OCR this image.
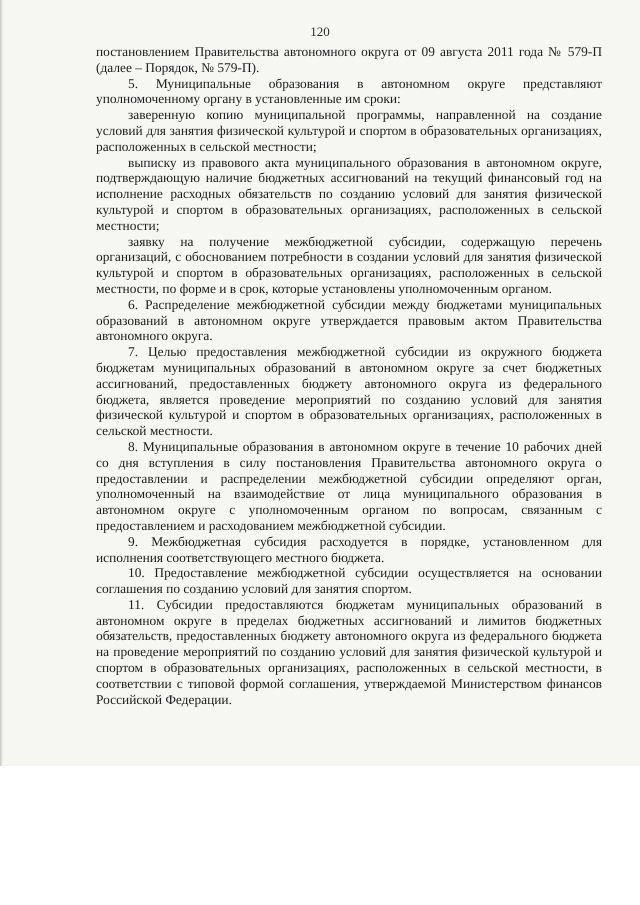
120

постановлением Правительства автономного округа от 09 августа 2011 года № 579-П (далее – Порядок, № 579-П).

5. Муниципальные образования в автономном округе представляют уполномоченному органу в установленные им сроки:

заверенную копию муниципальной программы, направленной на создание условий для занятия физической культурой и спортом в образовательных организациях, расположенных в сельской местности;

выписку из правового акта муниципального образования в автономном округе, подтверждающую наличие бюджетных ассигнований на текущий финансовый год на исполнение расходных обязательств по созданию условий для занятия физической культурой и спортом в образовательных организациях, расположенных в сельской местности;

заявку на получение межбюджетной субсидии, содержащую перечень организаций, с обоснованием потребности в создании условий для занятия физической культурой и спортом в образовательных организациях, расположенных в сельской местности, по форме и в срок, которые установлены уполномоченным органом.

6. Распределение межбюджетной субсидии между бюджетами муниципальных образований в автономном округе утверждается правовым актом Правительства автономного округа.

7. Целью предоставления межбюджетной субсидии из окружного бюджета бюджетам муниципальных образований в автономном округе за счет бюджетных ассигнований, предоставленных бюджету автономного округа из федерального бюджета, является проведение мероприятий по созданию условий для занятия физической культурой и спортом в образовательных организациях, расположенных в сельской местности.

8. Муниципальные образования в автономном округе в течение 10 рабочих дней со дня вступления в силу постановления Правительства автономного округа о предоставлении и распределении межбюджетной субсидии определяют орган, уполномоченный на взаимодействие от лица муниципального образования в автономном округе с уполномоченным органом по вопросам, связанным с предоставлением и расходованием межбюджетной субсидии.

9. Межбюджетная субсидия расходуется в порядке, установленном для исполнения соответствующего местного бюджета.

10. Предоставление межбюджетной субсидии осуществляется на основании соглашения по созданию условий для занятия спортом.

11. Субсидии предоставляются бюджетам муниципальных образований в автономном округе в пределах бюджетных ассигнований и лимитов бюджетных обязательств, предоставленных бюджету автономного округа из федерального бюджета на проведение мероприятий по созданию условий для занятия физической культурой и спортом в образовательных организациях, расположенных в сельской местности, в соответствии с типовой формой соглашения, утверждаемой Министерством финансов Российской Федерации.
